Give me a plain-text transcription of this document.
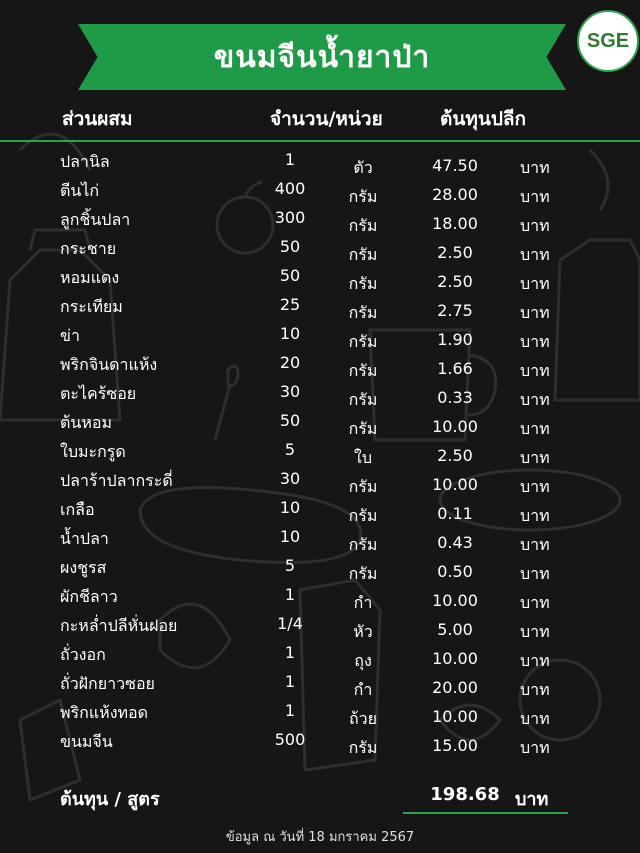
ขนมจีนน้ำยาป่า	SGE
ส่วนผสม	จำนวน/หน่วย	ต้นทุนปลีก
ปลานิล	1	ตัว	47.50	บาท
ตีนไก่	400	กรัม	28.00	บาท
ลูกชิ้นปลา	300	กรัม	18.00	บาท
กระชาย	50	กรัม	2.50	บาท
หอมแดง	50	กรัม	2.50	บาท
กระเทียม	25	กรัม	2.75	บาท
ข่า	10	กรัม	1.90	บาท
พริกจินดาแห้ง	20	กรัม	1.66	บาท
ตะไคร้ซอย	30	กรัม	0.33	บาท
ต้นหอม	50	กรัม	10.00	บาท
ใบมะกรูด	5	ใบ	2.50	บาท
ปลาร้าปลากระดี่	30	กรัม	10.00	บาท
เกลือ	10	กรัม	0.11	บาท
น้ำปลา	10	กรัม	0.43	บาท
ผงชูรส	5	กรัม	0.50	บาท
ผักชีลาว	1	กำ	10.00	บาท
กะหล่ำปลีหั่นฝอย	1/4	หัว	5.00	บาท
ถั่วงอก	1	ถุง	10.00	บาท
ถั่วฝักยาวซอย	1	กำ	20.00	บาท
พริกแห้งทอด	1	ถ้วย	10.00	บาท
ขนมจีน	500	กรัม	15.00	บาท
ต้นทุน / สูตร	198.68 บาท
ข้อมูล ณ วันที่ 18 มกราคม 2567
